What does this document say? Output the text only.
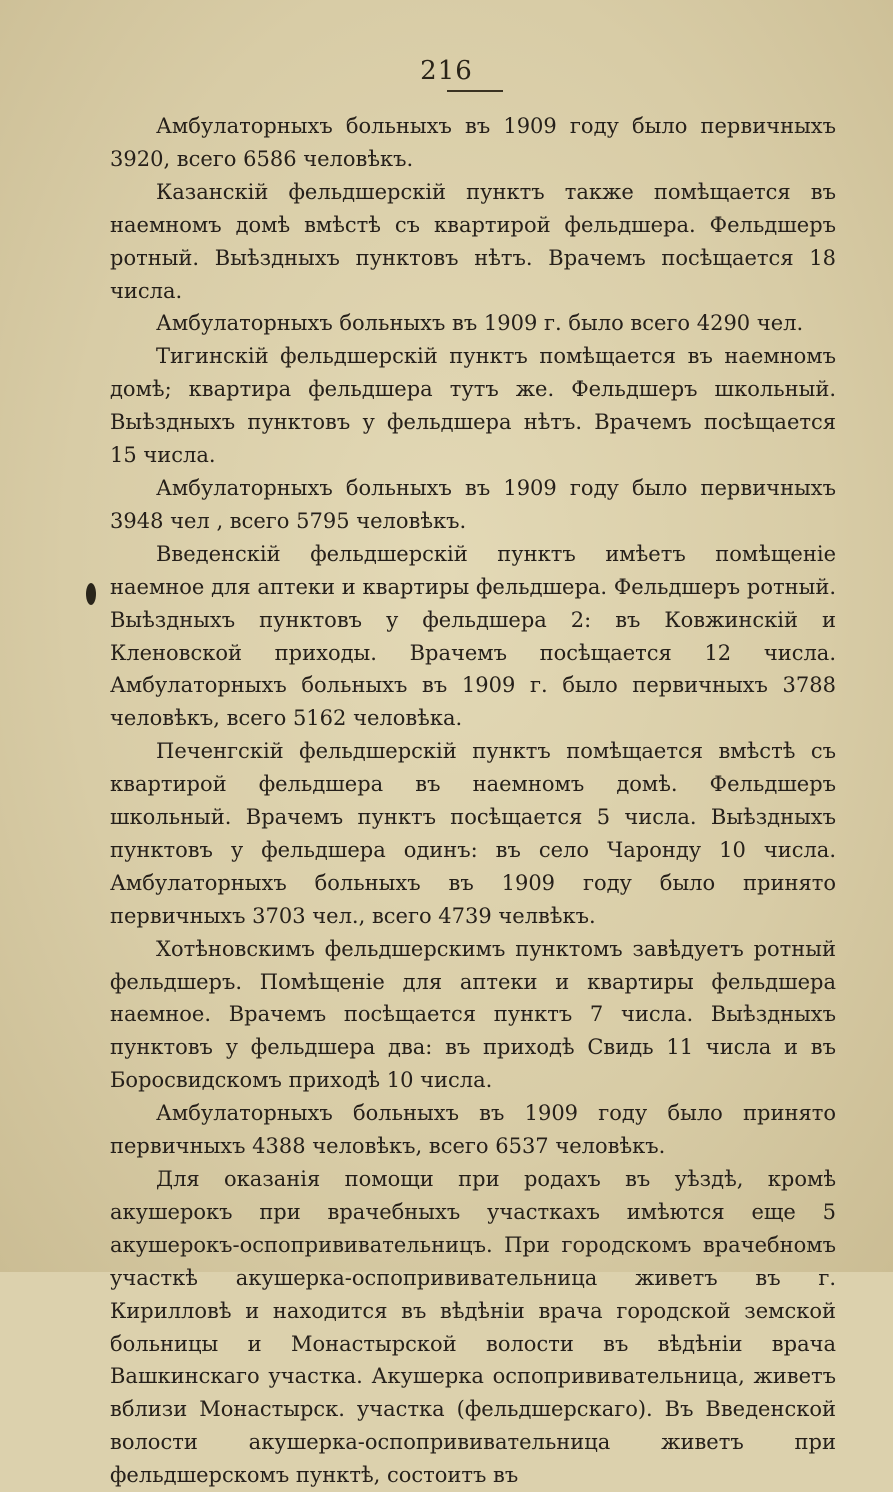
216

Амбулаторныхъ больныхъ въ 1909 году было первичныхъ 3920, всего 6586 человѣкъ.

Казанскій фельдшерскій пунктъ также помѣщается въ наемномъ домѣ вмѣстѣ съ квартирой фельдшера. Фельдшеръ ротный. Выѣздныхъ пунктовъ нѣтъ. Врачемъ посѣщается 18 числа.

Амбулаторныхъ больныхъ въ 1909 г. было всего 4290 чел.

Тигинскій фельдшерскій пунктъ помѣщается въ наемномъ домѣ; квартира фельдшера тутъ же. Фельдшеръ школьный. Выѣздныхъ пунктовъ у фельдшера нѣтъ. Врачемъ посѣщается 15 числа.

Амбулаторныхъ больныхъ въ 1909 году было первичныхъ 3948 чел , всего 5795 человѣкъ.

Введенскій фельдшерскій пунктъ имѣетъ помѣщеніе наемное для аптеки и квартиры фельдшера. Фельдшеръ ротный. Выѣздныхъ пунктовъ у фельдшера 2: въ Ковжинскій и Кленовской приходы. Врачемъ посѣщается 12 числа. Амбулаторныхъ больныхъ въ 1909 г. было первичныхъ 3788 человѣкъ, всего 5162 человѣка.

Печенгскій фельдшерскій пунктъ помѣщается вмѣстѣ съ квартирой фельдшера въ наемномъ домѣ. Фельдшеръ школьный. Врачемъ пунктъ посѣщается 5 числа. Выѣздныхъ пунктовъ у фельдшера одинъ: въ село Чаронду 10 числа. Амбулаторныхъ больныхъ въ 1909 году было принято первичныхъ 3703 чел., всего 4739 челвѣкъ.

Хотѣновскимъ фельдшерскимъ пунктомъ завѣдуетъ ротный фельдшеръ. Помѣщеніе для аптеки и квартиры фельдшера наемное. Врачемъ посѣщается пунктъ 7 числа. Выѣздныхъ пунктовъ у фельдшера два: въ приходѣ Свидь 11 числа и въ Боросвидскомъ приходѣ 10 числа.

Амбулаторныхъ больныхъ въ 1909 году было принято первичныхъ 4388 человѣкъ, всего 6537 человѣкъ.

Для оказанія помощи при родахъ въ уѣздѣ, кромѣ акушерокъ при врачебныхъ участкахъ имѣются еще 5 акушерокъ-оспопрививательницъ. При городскомъ врачебномъ участкѣ акушерка-оспопрививательница живетъ въ г. Кирилловѣ и находится въ вѣдѣніи врача городской земской больницы и Монастырской волости въ вѣдѣніи врача Вашкинскаго участка. Акушерка оспопрививательница, живетъ вблизи Монастырск. участка (фельдшерскаго). Въ Введенской волости акушерка-оспопрививательница живетъ при фельдшерскомъ пунктѣ, состоитъ въ
